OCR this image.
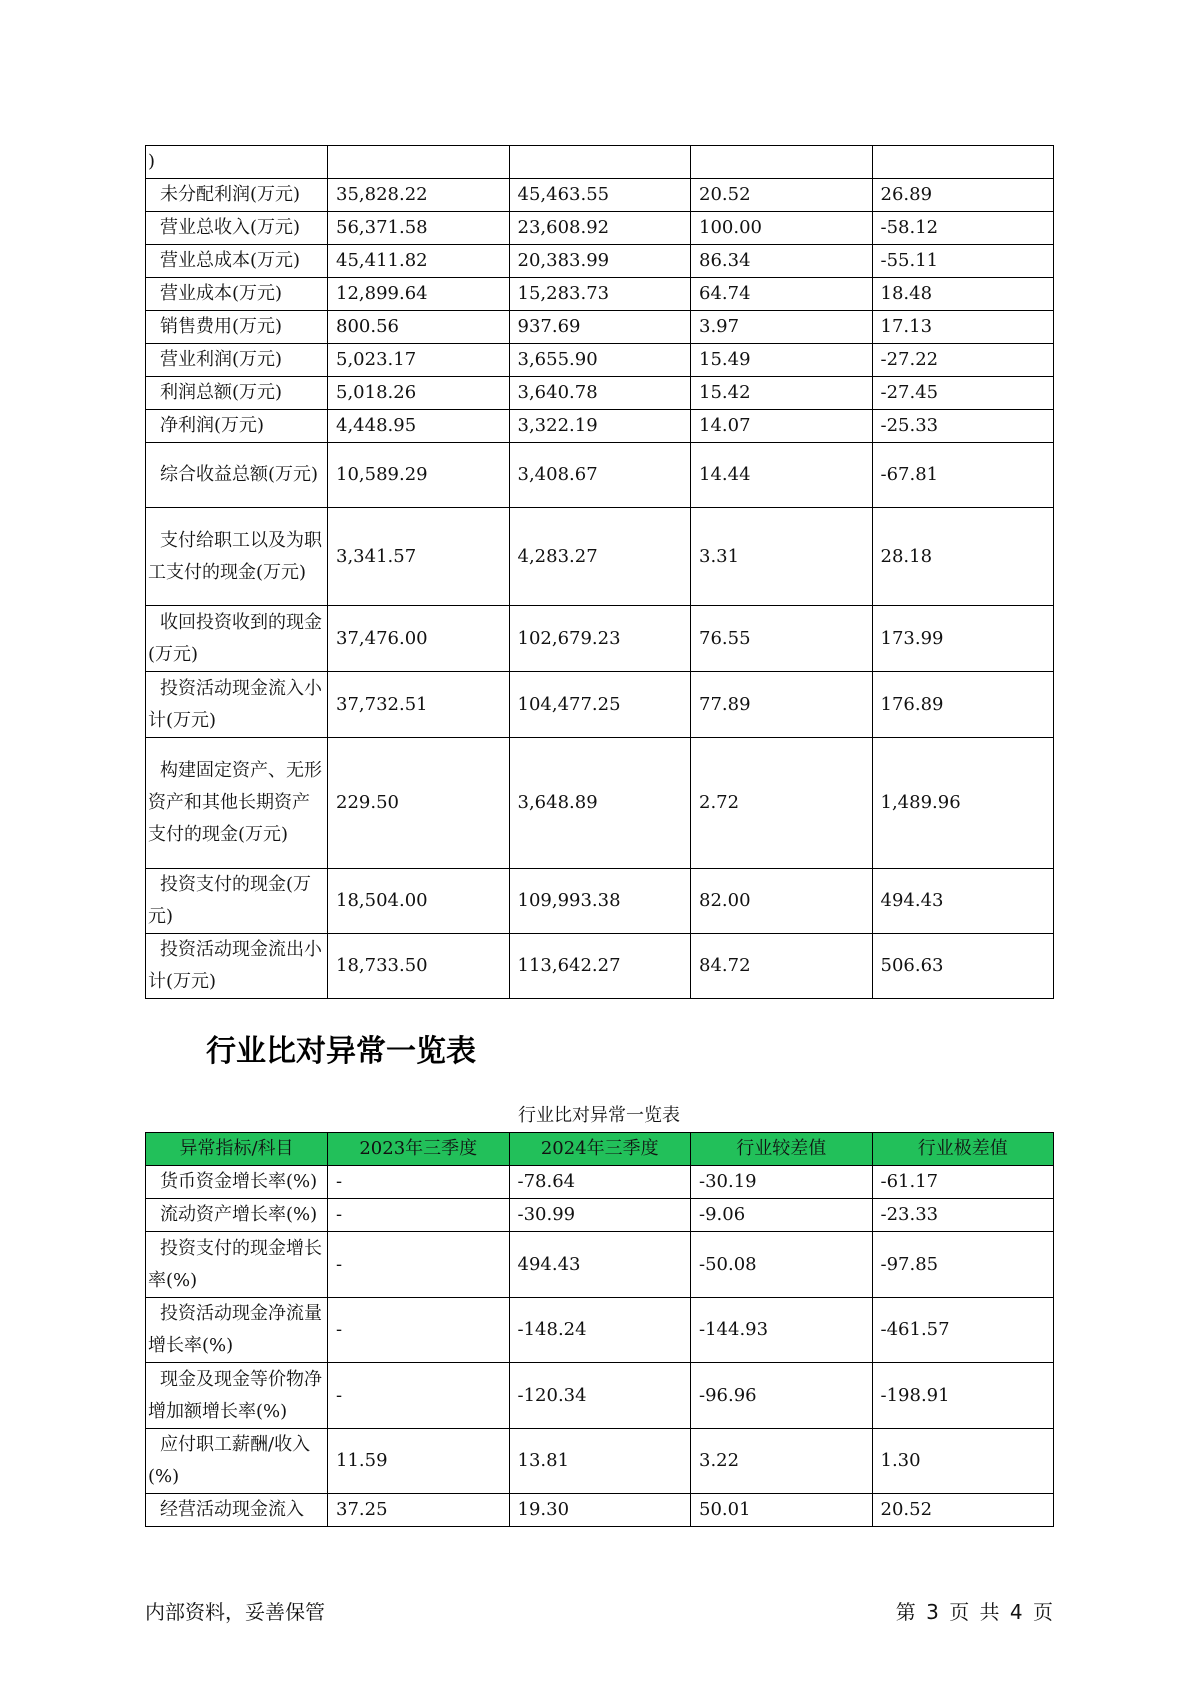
)				

未分配利润(万元)	35,828.22	45,463.55	20.52	26.89

营业总收入(万元)	56,371.58	23,608.92	100.00	-58.12

营业总成本(万元)	45,411.82	20,383.99	86.34	-55.11

营业成本(万元)	12,899.64	15,283.73	64.74	18.48

销售费用(万元)	800.56	937.69	3.97	17.13

营业利润(万元)	5,023.17	3,655.90	15.49	-27.22

利润总额(万元)	5,018.26	3,640.78	15.42	-27.45

净利润(万元)	4,448.95	3,322.19	14.07	-25.33

综合收益总额(万元)	10,589.29	3,408.67	14.44	-67.81

支付给职工以及为职工支付的现金(万元)	3,341.57	4,283.27	3.31	28.18

收回投资收到的现金(万元)	37,476.00	102,679.23	76.55	173.99

投资活动现金流入小计(万元)	37,732.51	104,477.25	77.89	176.89

构建固定资产、无形资产和其他长期资产支付的现金(万元)	229.50	3,648.89	2.72	1,489.96

投资支付的现金(万元)	18,504.00	109,993.38	82.00	494.43

投资活动现金流出小计(万元)	18,733.50	113,642.27	84.72	506.63
行业比对异常一览表
行业比对异常一览表
异常指标/科目	2023年三季度	2024年三季度	行业较差值	行业极差值

货币资金增长率(%)	-	-78.64	-30.19	-61.17

流动资产增长率(%)	-	-30.99	-9.06	-23.33

投资支付的现金增长率(%)	-	494.43	-50.08	-97.85

投资活动现金净流量增长率(%)	-	-148.24	-144.93	-461.57

现金及现金等价物净增加额增长率(%)	-	-120.34	-96.96	-198.91

应付职工薪酬/收入(%)	11.59	13.81	3.22	1.30

经营活动现金流入	37.25	19.30	50.01	20.52
内部资料，妥善保管	第 3 页 共 4 页
